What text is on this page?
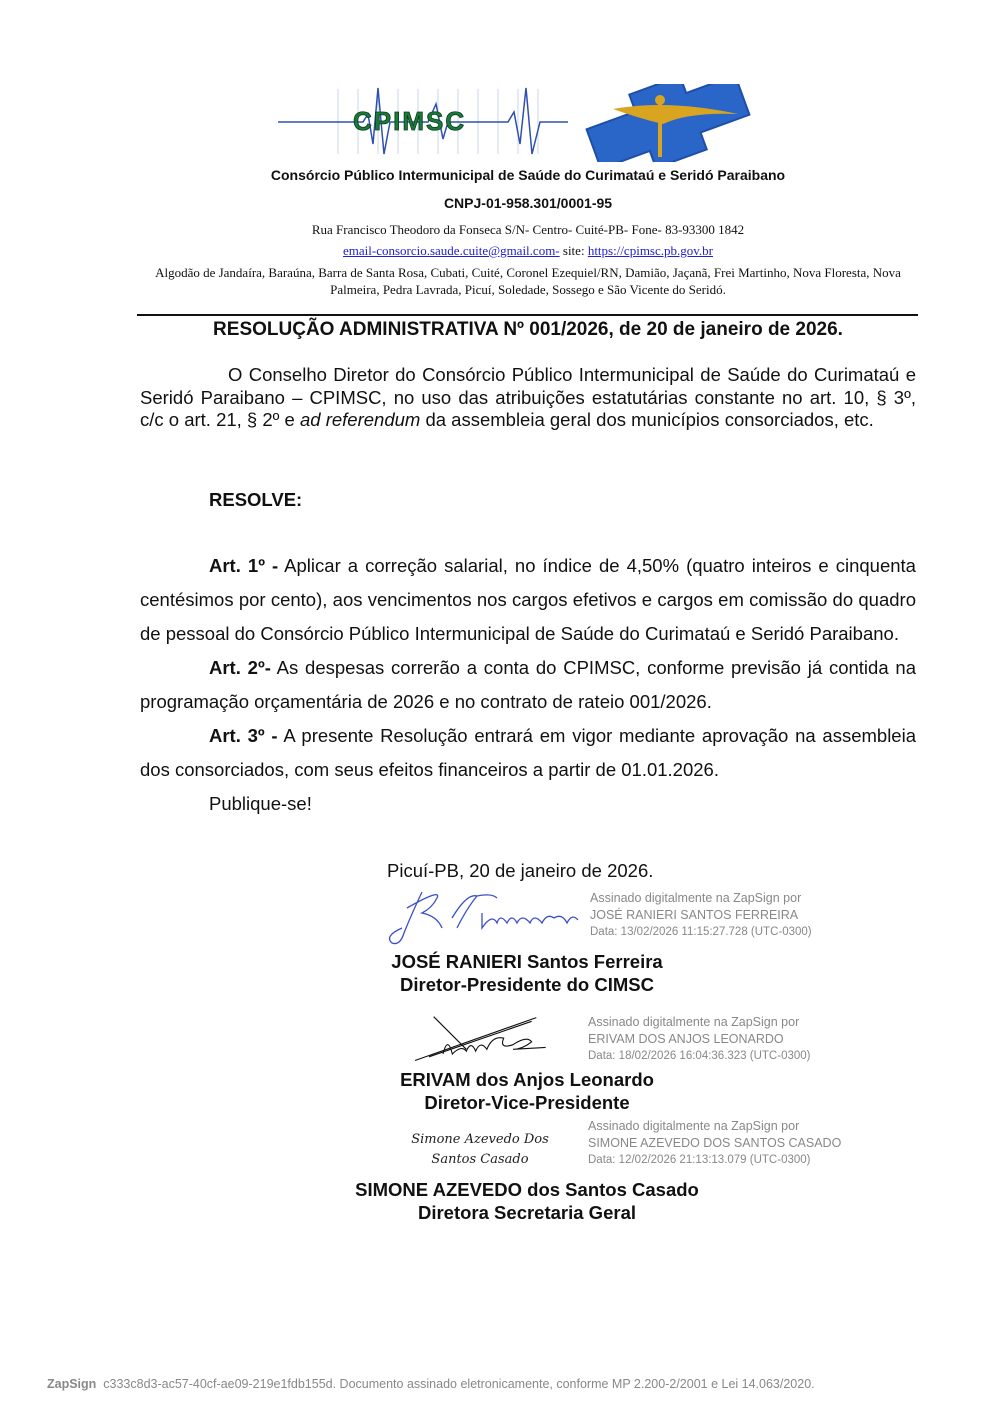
CPIMSC
Consórcio Público Intermunicipal de Saúde do Curimataú e Seridó Paraibano
CNPJ-01-958.301/0001-95
Rua Francisco Theodoro da Fonseca S/N- Centro- Cuité-PB- Fone- 83-93300 1842
email-consorcio.saude.cuite@gmail.com- site: https://cpimsc.pb.gov.br
Algodão de Jandaíra, Baraúna, Barra de Santa Rosa, Cubati, Cuité, Coronel Ezequiel/RN, Damião, Jaçanã, Frei Martinho, Nova Floresta, Nova Palmeira, Pedra Lavrada, Picuí, Soledade, Sossego e São Vicente do Seridó.
RESOLUÇÃO ADMINISTRATIVA Nº 001/2026, de 20 de janeiro de 2026.
O Conselho Diretor do Consórcio Público Intermunicipal de Saúde do Curimataú e Seridó Paraibano – CPIMSC, no uso das atribuições estatutárias constante no art. 10, § 3º, c/c o art. 21, § 2º e ad referendum da assembleia geral dos municípios consorciados, etc.
RESOLVE:

Art. 1º - Aplicar a correção salarial, no índice de 4,50% (quatro inteiros e cinquenta centésimos por cento), aos vencimentos nos cargos efetivos e cargos em comissão do quadro de pessoal do Consórcio Público Intermunicipal de Saúde do Curimataú e Seridó Paraibano.

Art. 2º- As despesas correrão a conta do CPIMSC, conforme previsão já contida na programação orçamentária de 2026 e no contrato de rateio 001/2026.

Art. 3º - A presente Resolução entrará em vigor mediante aprovação na assembleia dos consorciados, com seus efeitos financeiros a partir de 01.01.2026.

Publique-se!

Picuí-PB, 20 de janeiro de 2026.
Assinado digitalmente na ZapSign por
JOSÉ RANIERI SANTOS FERREIRA
Data: 13/02/2026 11:15:27.728 (UTC-0300)
JOSÉ RANIERI Santos Ferreira
Diretor-Presidente do CIMSC
Assinado digitalmente na ZapSign por
ERIVAM DOS ANJOS LEONARDO
Data: 18/02/2026 16:04:36.323 (UTC-0300)
ERIVAM dos Anjos Leonardo
Diretor-Vice-Presidente
Simone Azevedo Dos
Santos Casado
Assinado digitalmente na ZapSign por
SIMONE AZEVEDO DOS SANTOS CASADO
Data: 12/02/2026 21:13:13.079 (UTC-0300)
SIMONE AZEVEDO dos Santos Casado
Diretora Secretaria Geral
ZapSign c333c8d3-ac57-40cf-ae09-219e1fdb155d. Documento assinado eletronicamente, conforme MP 2.200-2/2001 e Lei 14.063/2020.
